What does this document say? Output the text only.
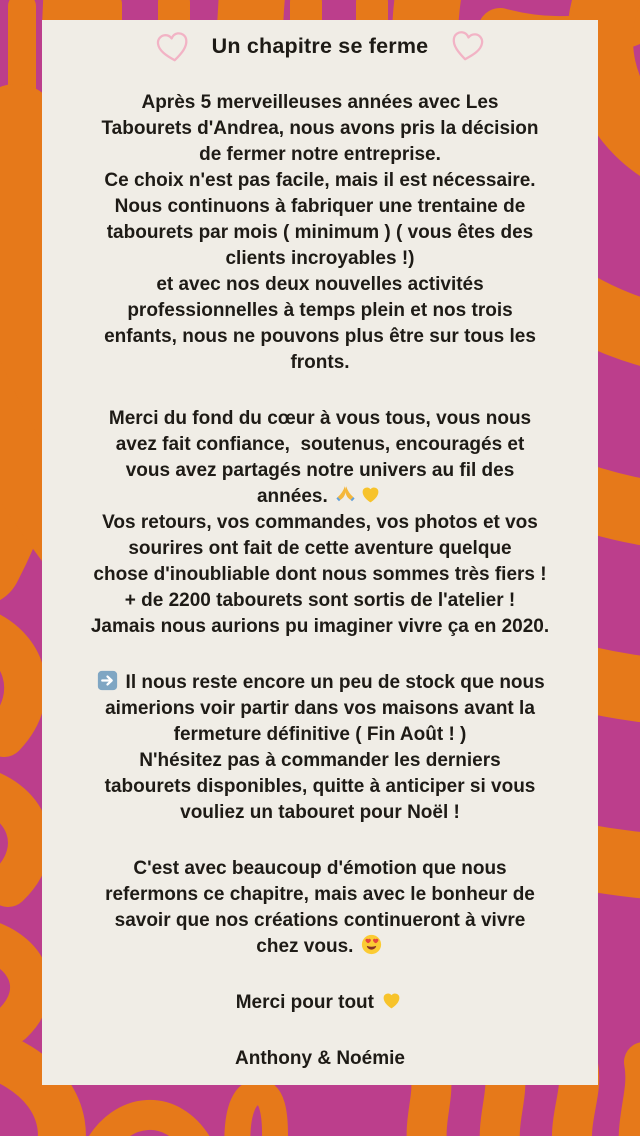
Un chapitre se ferme
Après 5 merveilleuses années avec Les
Tabourets d'Andrea, nous avons pris la décision
de fermer notre entreprise.
Ce choix n'est pas facile, mais il est nécessaire.
Nous continuons à fabriquer une trentaine de
tabourets par mois ( minimum ) ( vous êtes des
clients incroyables !)
et avec nos deux nouvelles activités
professionnelles à temps plein et nos trois
enfants, nous ne pouvons plus être sur tous les
fronts.
Merci du fond du cœur à vous tous, vous nous
avez fait confiance,  soutenus, encouragés et
vous avez partagés notre univers au fil des
années.
Vos retours, vos commandes, vos photos et vos
sourires ont fait de cette aventure quelque
chose d'inoubliable dont nous sommes très fiers !
+ de 2200 tabourets sont sortis de l'atelier !
Jamais nous aurions pu imaginer vivre ça en 2020.
Il nous reste encore un peu de stock que nous
aimerions voir partir dans vos maisons avant la
fermeture définitive ( Fin Août ! )
N'hésitez pas à commander les derniers
tabourets disponibles, quitte à anticiper si vous
vouliez un tabouret pour Noël !
C'est avec beaucoup d'émotion que nous
refermons ce chapitre, mais avec le bonheur de
savoir que nos créations continueront à vivre
chez vous.
Merci pour tout
Anthony & Noémie
